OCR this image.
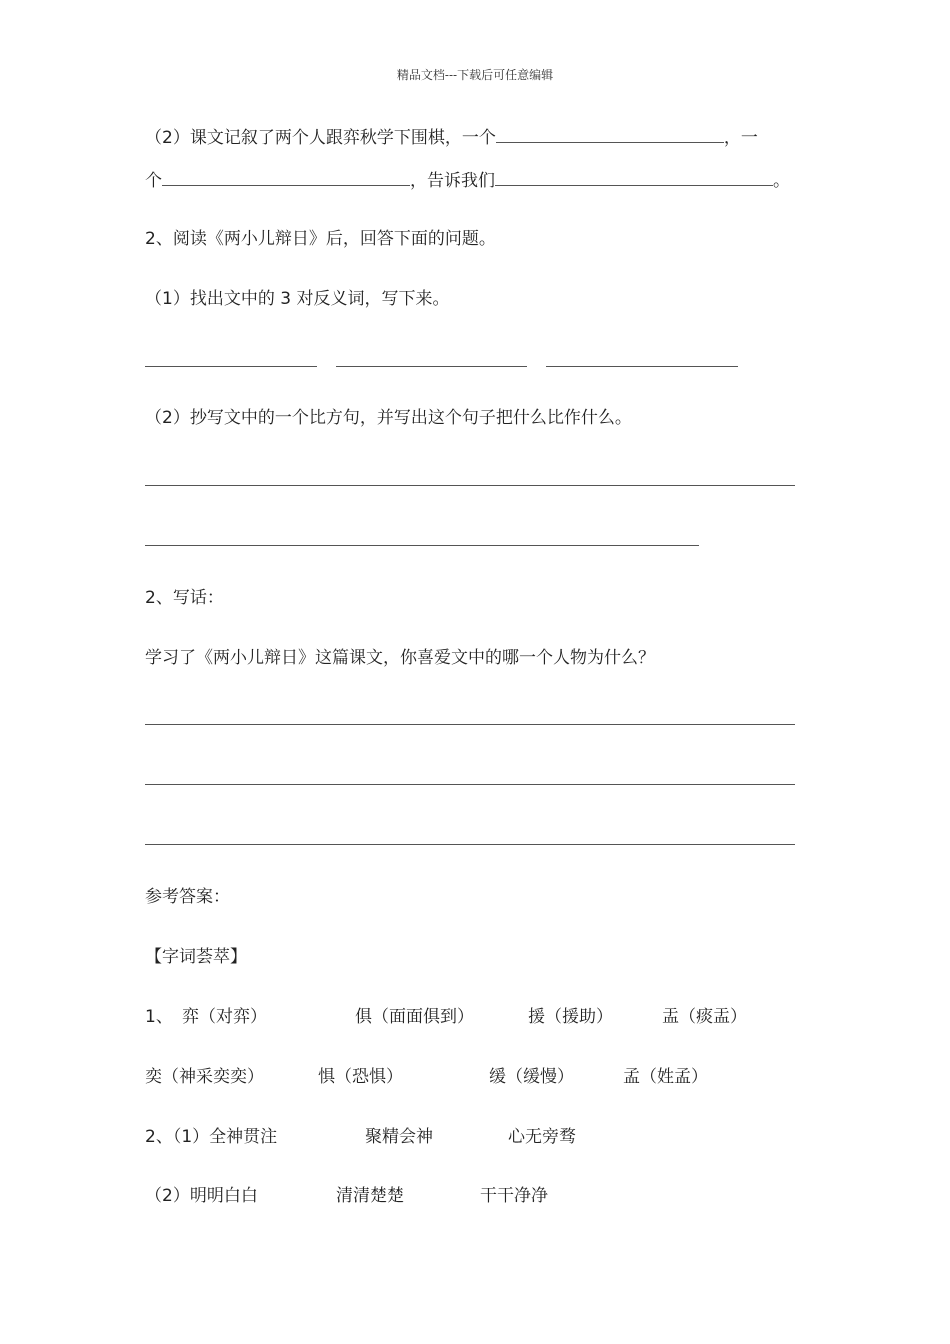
精品文档---下载后可任意编辑
（2）课文记叙了两个人跟弈秋学下围棋，一个	，一
个	，告诉我们	。
2、阅读《两小儿辩日》后，回答下面的问题。
（1）找出文中的 3 对反义词，写下来。
（2）抄写文中的一个比方句，并写出这个句子把什么比作什么。
2、写话：
学习了《两小儿辩日》这篇课文，你喜爱文中的哪一个人物为什么？
参考答案：
【字词荟萃】
1、 弈（对弈）	俱（面面俱到）	援（援助）	盂（痰盂）
奕（神采奕奕）	惧（恐惧）	缓（缓慢）	孟（姓孟）
2、（1）全神贯注	聚精会神	心无旁骛
（2）明明白白	清清楚楚	干干净净
